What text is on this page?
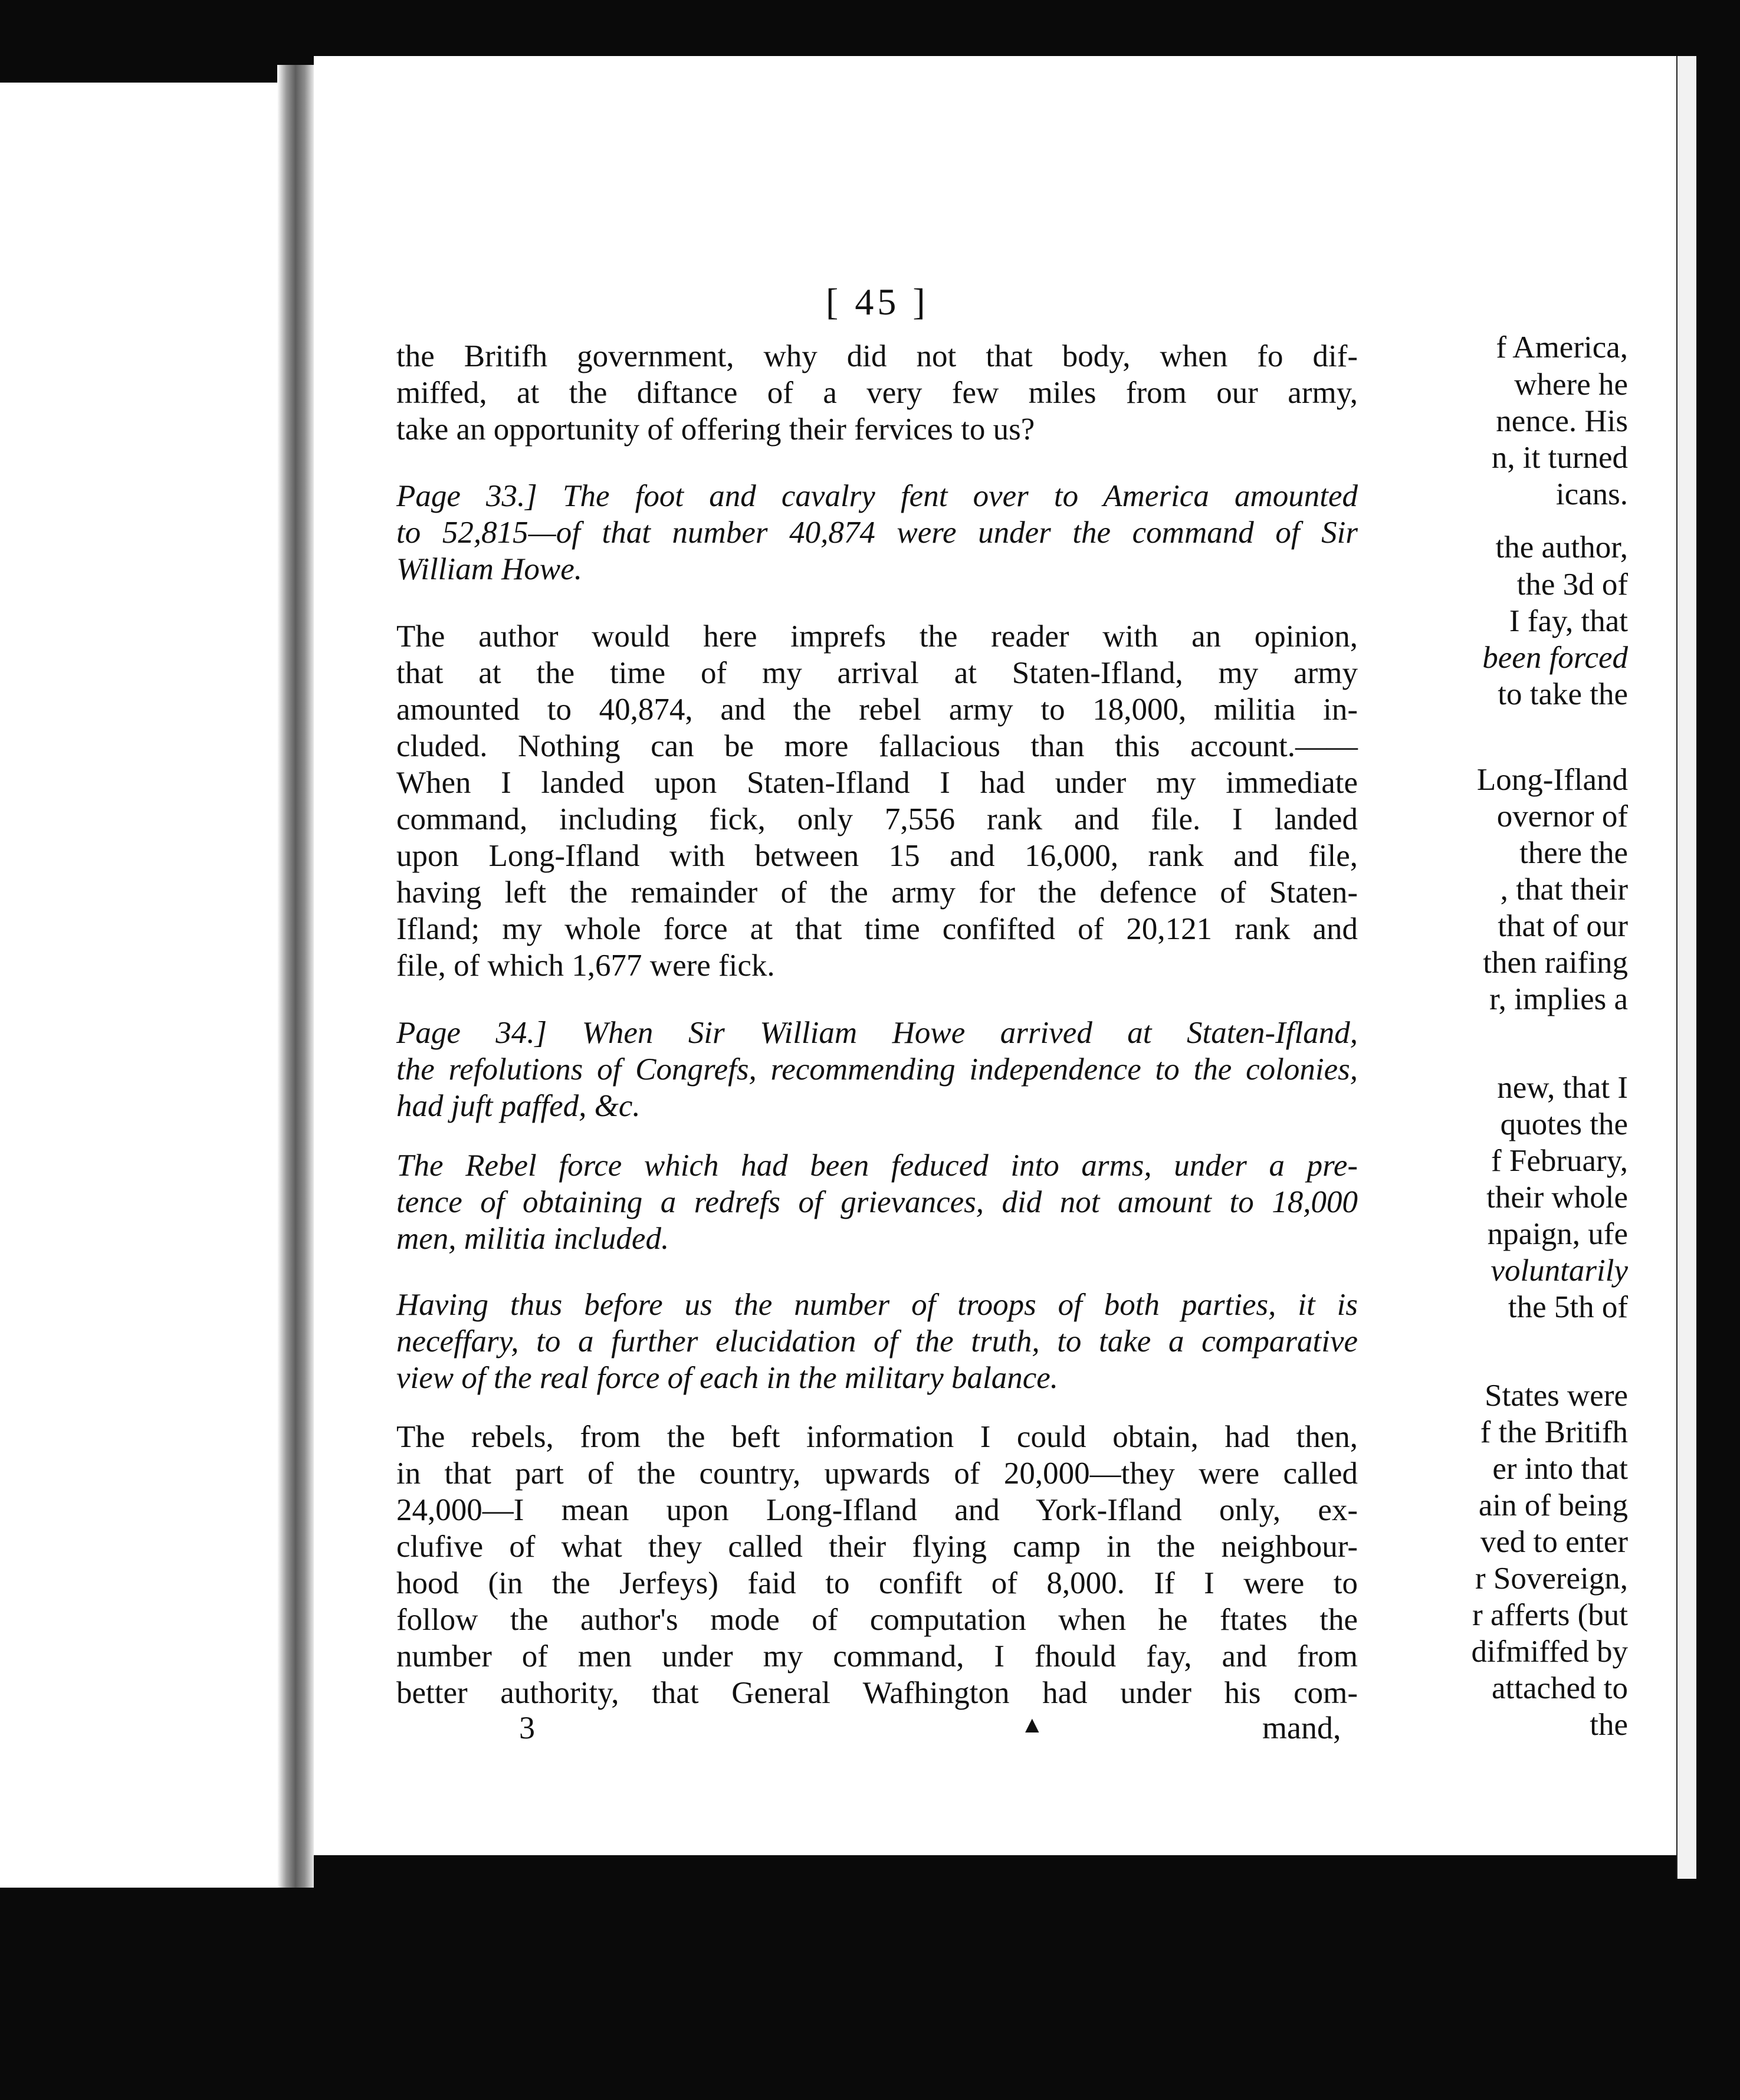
f America,
where he
nence. His
n, it turned
icans.
the author,
the 3d of
I fay, that
been forced
to take the
Long-Ifland
overnor of
there the
, that their
that of our
then raifing
r, implies a
new, that I
quotes the
f February,
their whole
npaign, ufe
voluntarily
the 5th of
States were
f the Britifh
er into that
ain of being
ved to enter
r Sovereign,
r afferts (but
difmiffed by
attached to
the
[ 45 ]
the Britifh government, why did not that body, when fo dif-
miffed, at the diftance of a very few miles from our army,
take an opportunity of offering their fervices to us?
Page 33.] The foot and cavalry fent over to America amounted
to 52,815—of that number 40,874 were under the command of Sir
William Howe.
The author would here imprefs the reader with an opinion,
that at the time of my arrival at Staten-Ifland, my army
amounted to 40,874, and the rebel army to 18,000, militia in-
cluded. Nothing can be more fallacious than this account.——
When I landed upon Staten-Ifland I had under my immediate
command, including fick, only 7,556 rank and file. I landed
upon Long-Ifland with between 15 and 16,000, rank and file,
having left the remainder of the army for the defence of Staten-
Ifland; my whole force at that time confifted of 20,121 rank and
file, of which 1,677 were fick.
Page 34.] When Sir William Howe arrived at Staten-Ifland,
the refolutions of Congrefs, recommending independence to the colonies,
had juft paffed, &c.
The Rebel force which had been feduced into arms, under a pre-
tence of obtaining a redrefs of grievances, did not amount to 18,000
men, militia included.
Having thus before us the number of troops of both parties, it is
neceffary, to a further elucidation of the truth, to take a comparative
view of the real force of each in the military balance.
The rebels, from the beft information I could obtain, had then,
in that part of the country, upwards of 20,000—they were called
24,000—I mean upon Long-Ifland and York-Ifland only, ex-
clufive of what they called their flying camp in the neighbour-
hood (in the Jerfeys) faid to confift of 8,000. If I were to
follow the author's mode of computation when he ftates the
number of men under my command, I fhould fay, and from
better authority, that General Wafhington had under his com-
3	▲	mand,
